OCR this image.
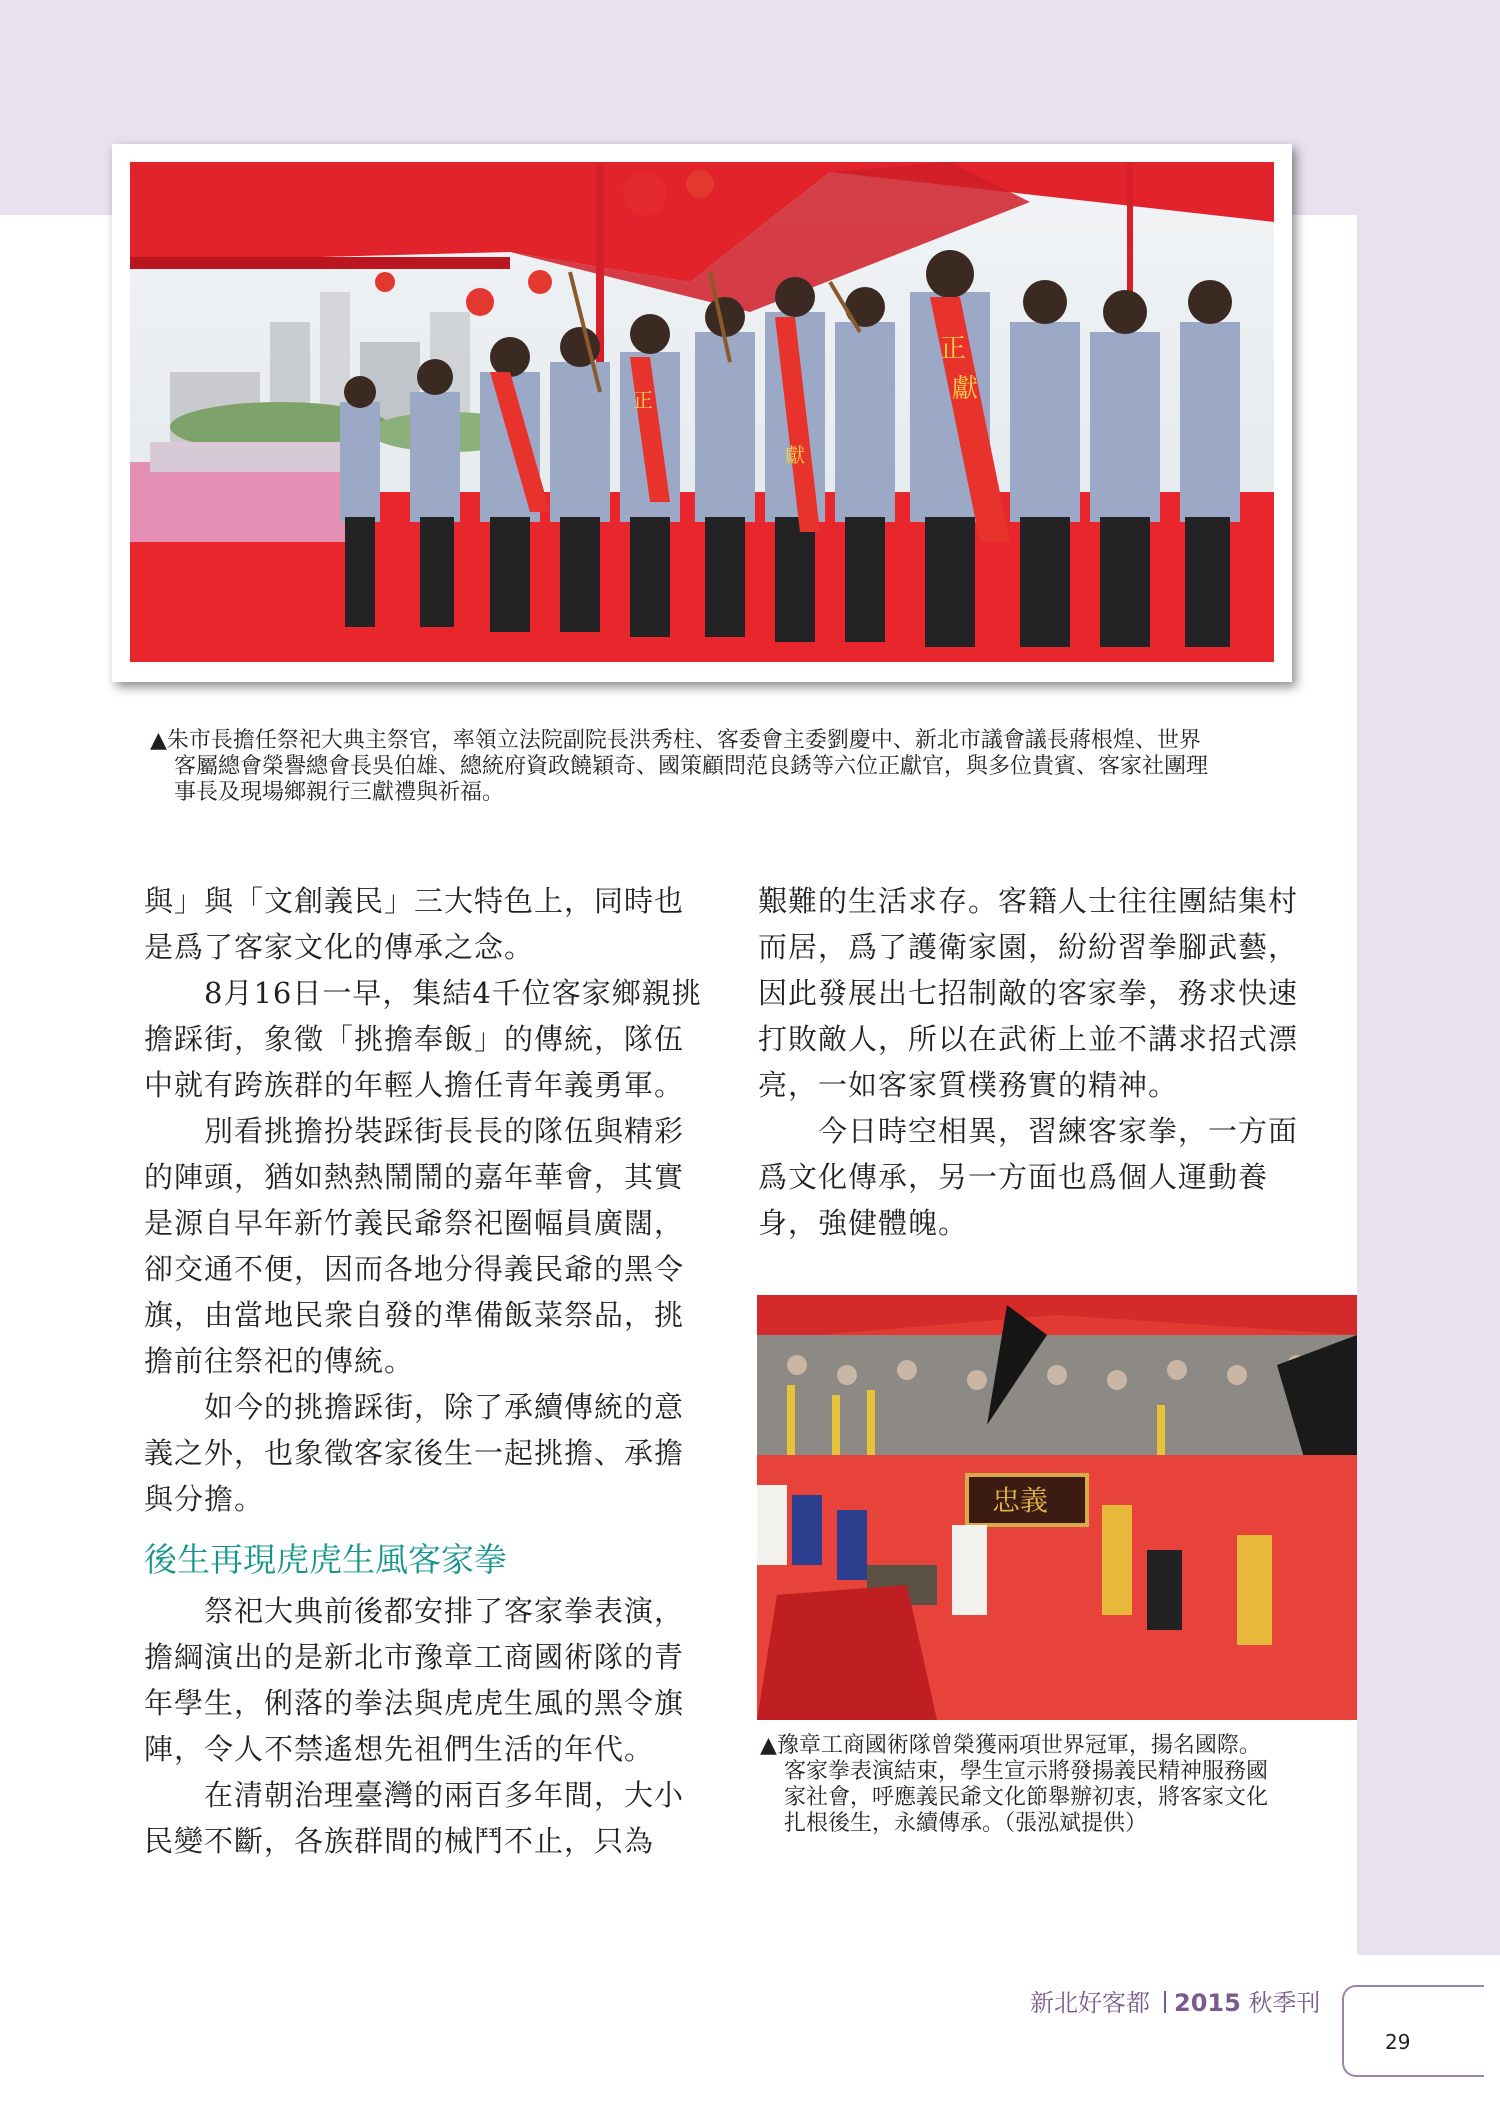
正
獻
正
獻

▲朱市長擔任祭祀大典主祭官，率領立法院副院長洪秀柱、客委會主委劉慶中、新北市議會議長蔣根煌、世界

客屬總會榮譽總會長吳伯雄、總統府資政饒穎奇、國策顧問范良銹等六位正獻官，與多位貴賓、客家社團理

事長及現場鄉親行三獻禮與祈福。

與」與「文創義民」三大特色上，同時也是爲了客家文化的傳承之念。

8月16日一早，集結4千位客家鄉親挑擔踩街，象徵「挑擔奉飯」的傳統，隊伍中就有跨族群的年輕人擔任青年義勇軍。

別看挑擔扮裝踩街長長的隊伍與精彩的陣頭，猶如熱熱鬧鬧的嘉年華會，其實是源自早年新竹義民爺祭祀圈幅員廣闊，卻交通不便，因而各地分得義民爺的黑令旗，由當地民衆自發的準備飯菜祭品，挑擔前往祭祀的傳統。

如今的挑擔踩街，除了承續傳統的意義之外，也象徵客家後生一起挑擔、承擔與分擔。

後生再現虎虎生風客家拳

祭祀大典前後都安排了客家拳表演，擔綱演出的是新北市豫章工商國術隊的青年學生，俐落的拳法與虎虎生風的黑令旗陣，令人不禁遙想先祖們生活的年代。

在清朝治理臺灣的兩百多年間，大小民變不斷，各族群間的械鬥不止，只為

艱難的生活求存。客籍人士往往團結集村而居，爲了護衛家園，紛紛習拳腳武藝，因此發展出七招制敵的客家拳，務求快速打敗敵人，所以在武術上並不講求招式漂亮，一如客家質樸務實的精神。

今日時空相異，習練客家拳，一方面爲文化傳承，另一方面也爲個人運動養身，強健體魄。

忠義

▲豫章工商國術隊曾榮獲兩項世界冠軍，揚名國際。

客家拳表演結束，學生宣示將發揚義民精神服務國

家社會，呼應義民爺文化節舉辦初衷，將客家文化

扎根後生，永續傳承。（張泓斌提供）

新北好客都 2015 秋季刊
29
